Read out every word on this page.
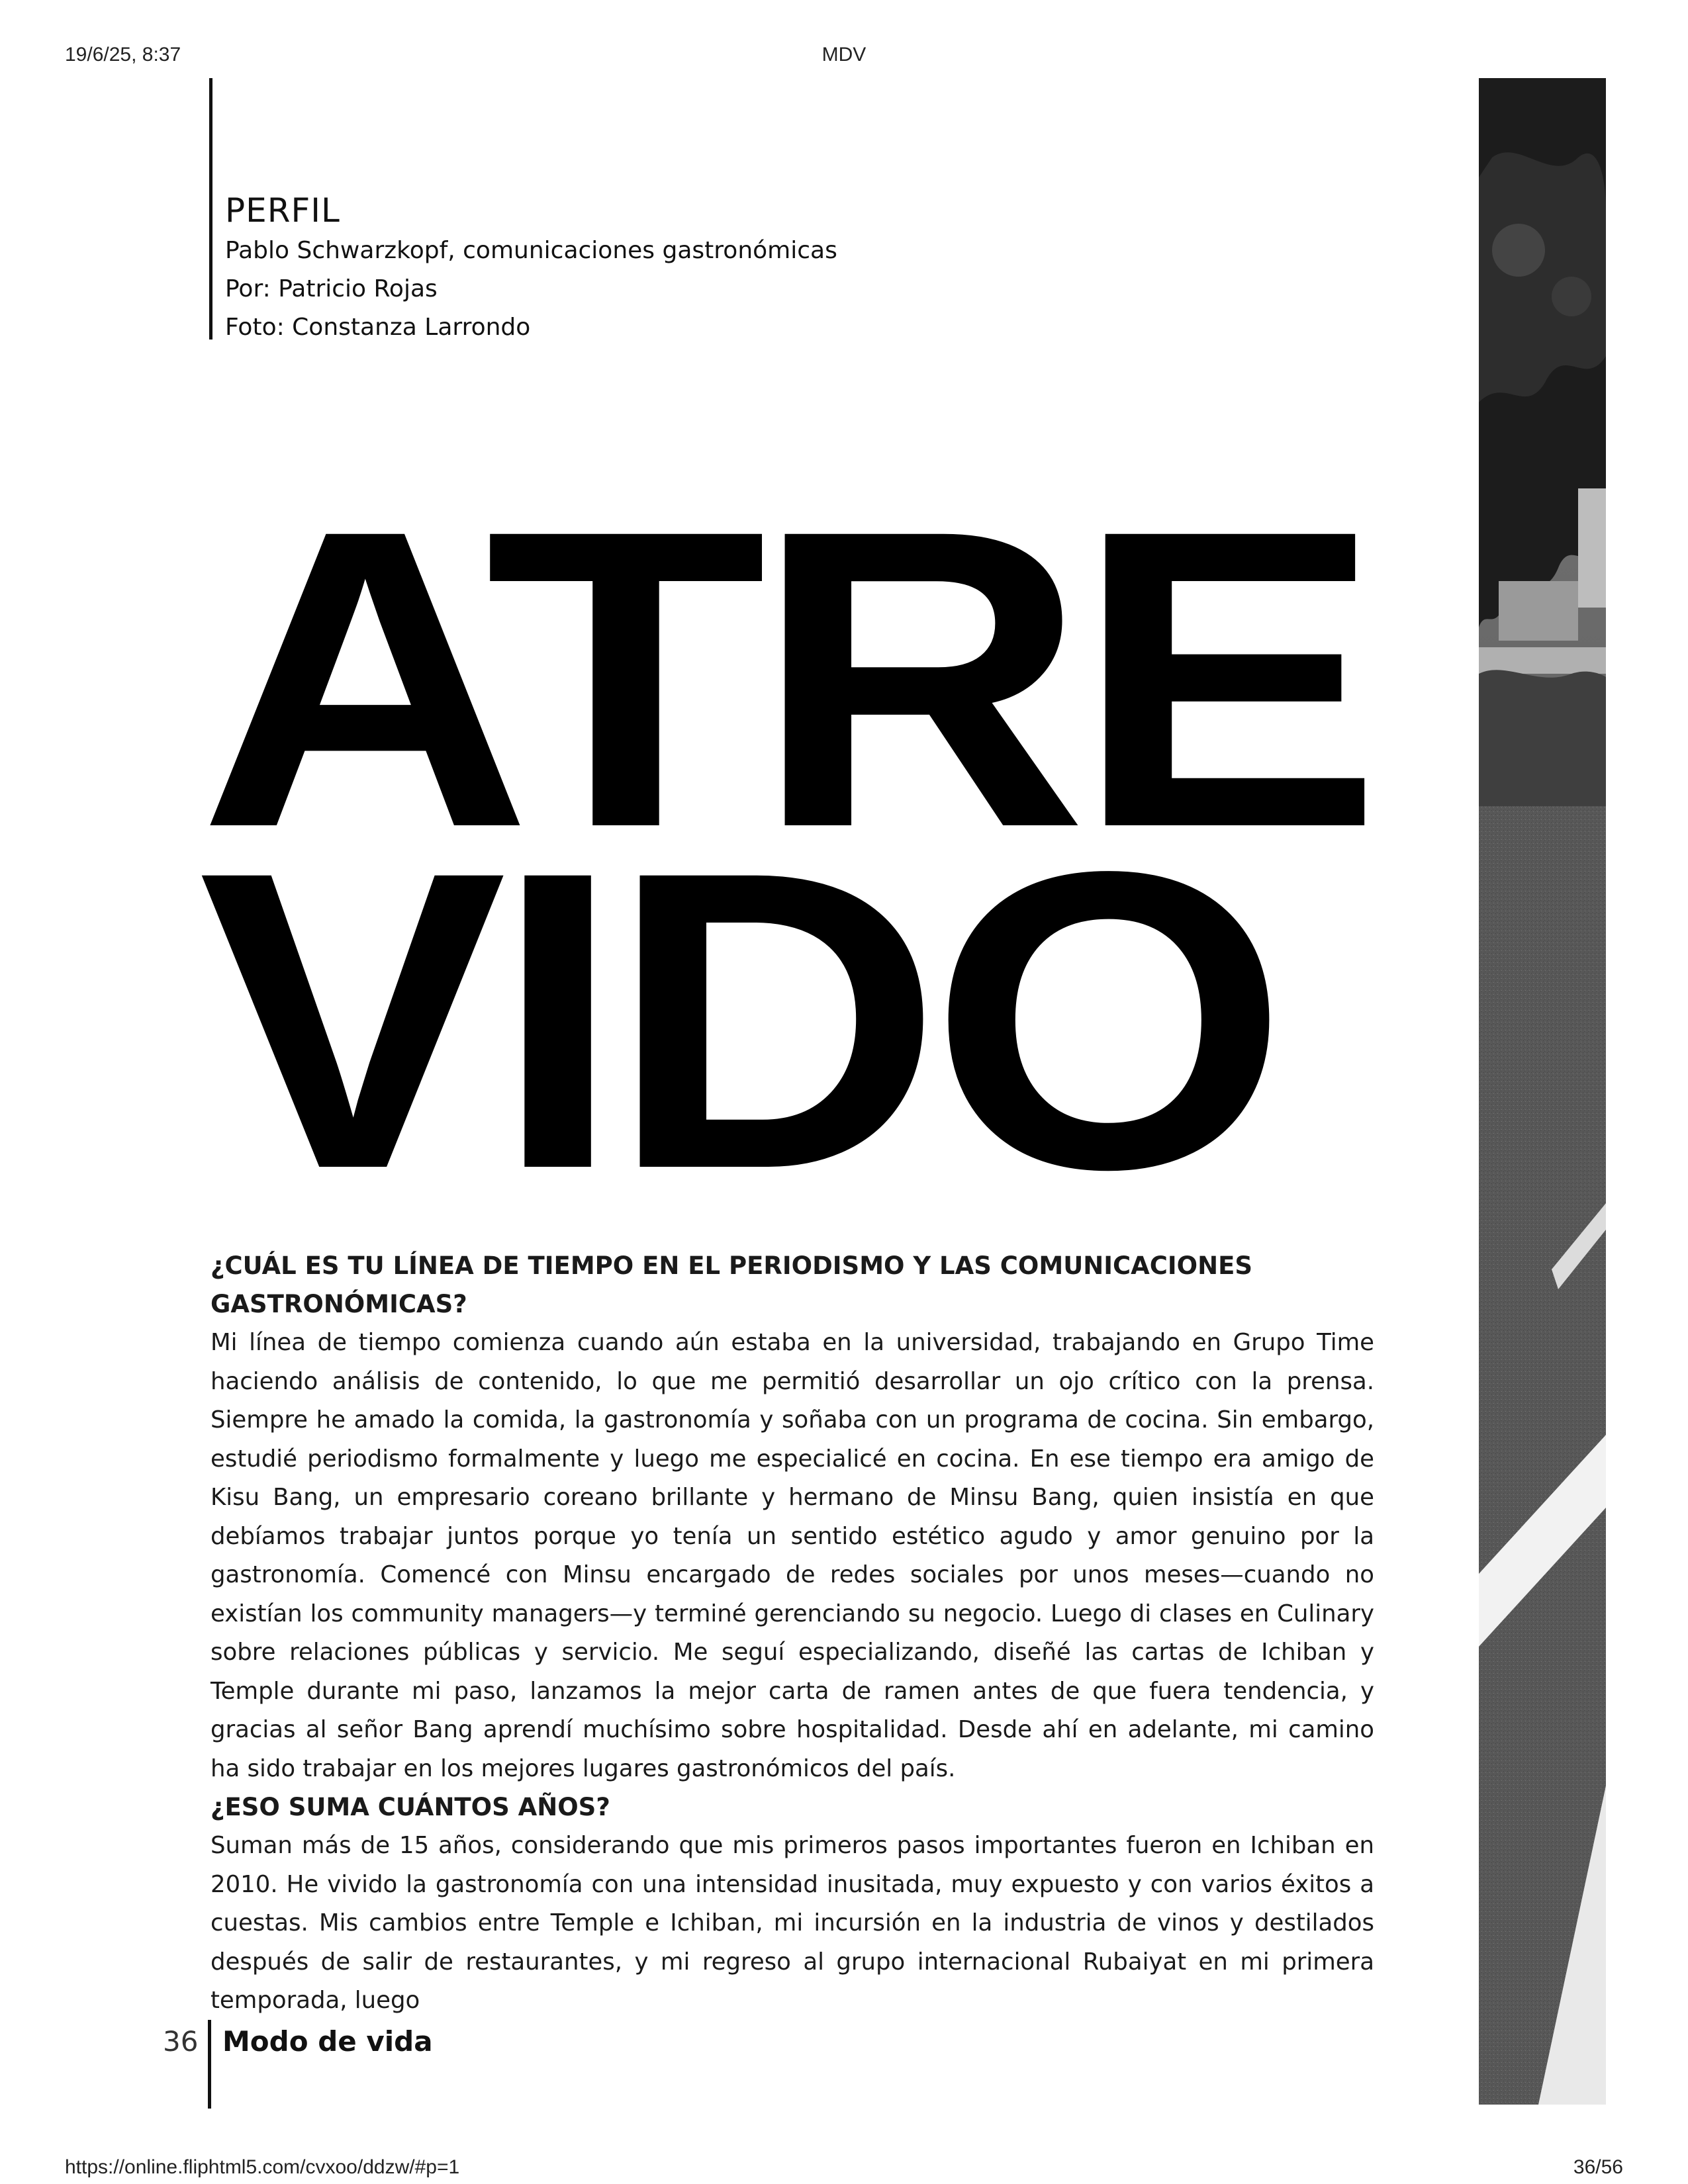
19/6/25, 8:37	MDV
PERFIL
Pablo Schwarzkopf, comunicaciones gastronómicas
Por: Patricio Rojas
Foto: Constanza Larrondo
ATRE
VIDO

¿CUÁL ES TU LÍNEA DE TIEMPO EN EL PERIODISMO Y LAS COMUNICACIONES GASTRONÓMICAS?

Mi línea de tiempo comienza cuando aún estaba en la universidad, trabajando en Grupo Time haciendo análisis de contenido, lo que me permitió desarrollar un ojo crítico con la prensa. Siempre he amado la comida, la gastronomía y soñaba con un programa de cocina. Sin embargo, estudié periodismo formalmente y luego me especialicé en cocina. En ese tiempo era amigo de Kisu Bang, un empresario coreano brillante y hermano de Minsu Bang, quien insistía en que debíamos trabajar juntos porque yo tenía un sentido estético agudo y amor genuino por la gastronomía. Comencé con Minsu encargado de redes sociales por unos meses—cuando no existían los community managers—y terminé gerenciando su negocio. Luego di clases en Culinary sobre relaciones públicas y servicio. Me seguí especializando, diseñé las cartas de Ichiban y Temple durante mi paso, lanzamos la mejor carta de ramen antes de que fuera tendencia, y gracias al señor Bang aprendí muchísimo sobre hospitalidad. Desde ahí en adelante, mi camino ha sido trabajar en los mejores lugares gastronómicos del país.

¿ESO SUMA CUÁNTOS AÑOS?

Suman más de 15 años, considerando que mis primeros pasos importantes fueron en Ichiban en 2010. He vivido la gastronomía con una intensidad inusitada, muy expuesto y con varios éxitos a cuestas. Mis cambios entre Temple e Ichiban, mi incursión en la industria de vinos y destilados después de salir de restaurantes, y mi regreso al grupo internacional Rubaiyat en mi primera temporada, luego

36 Modo de vida
https://online.fliphtml5.com/cvxoo/ddzw/#p=1	36/56
